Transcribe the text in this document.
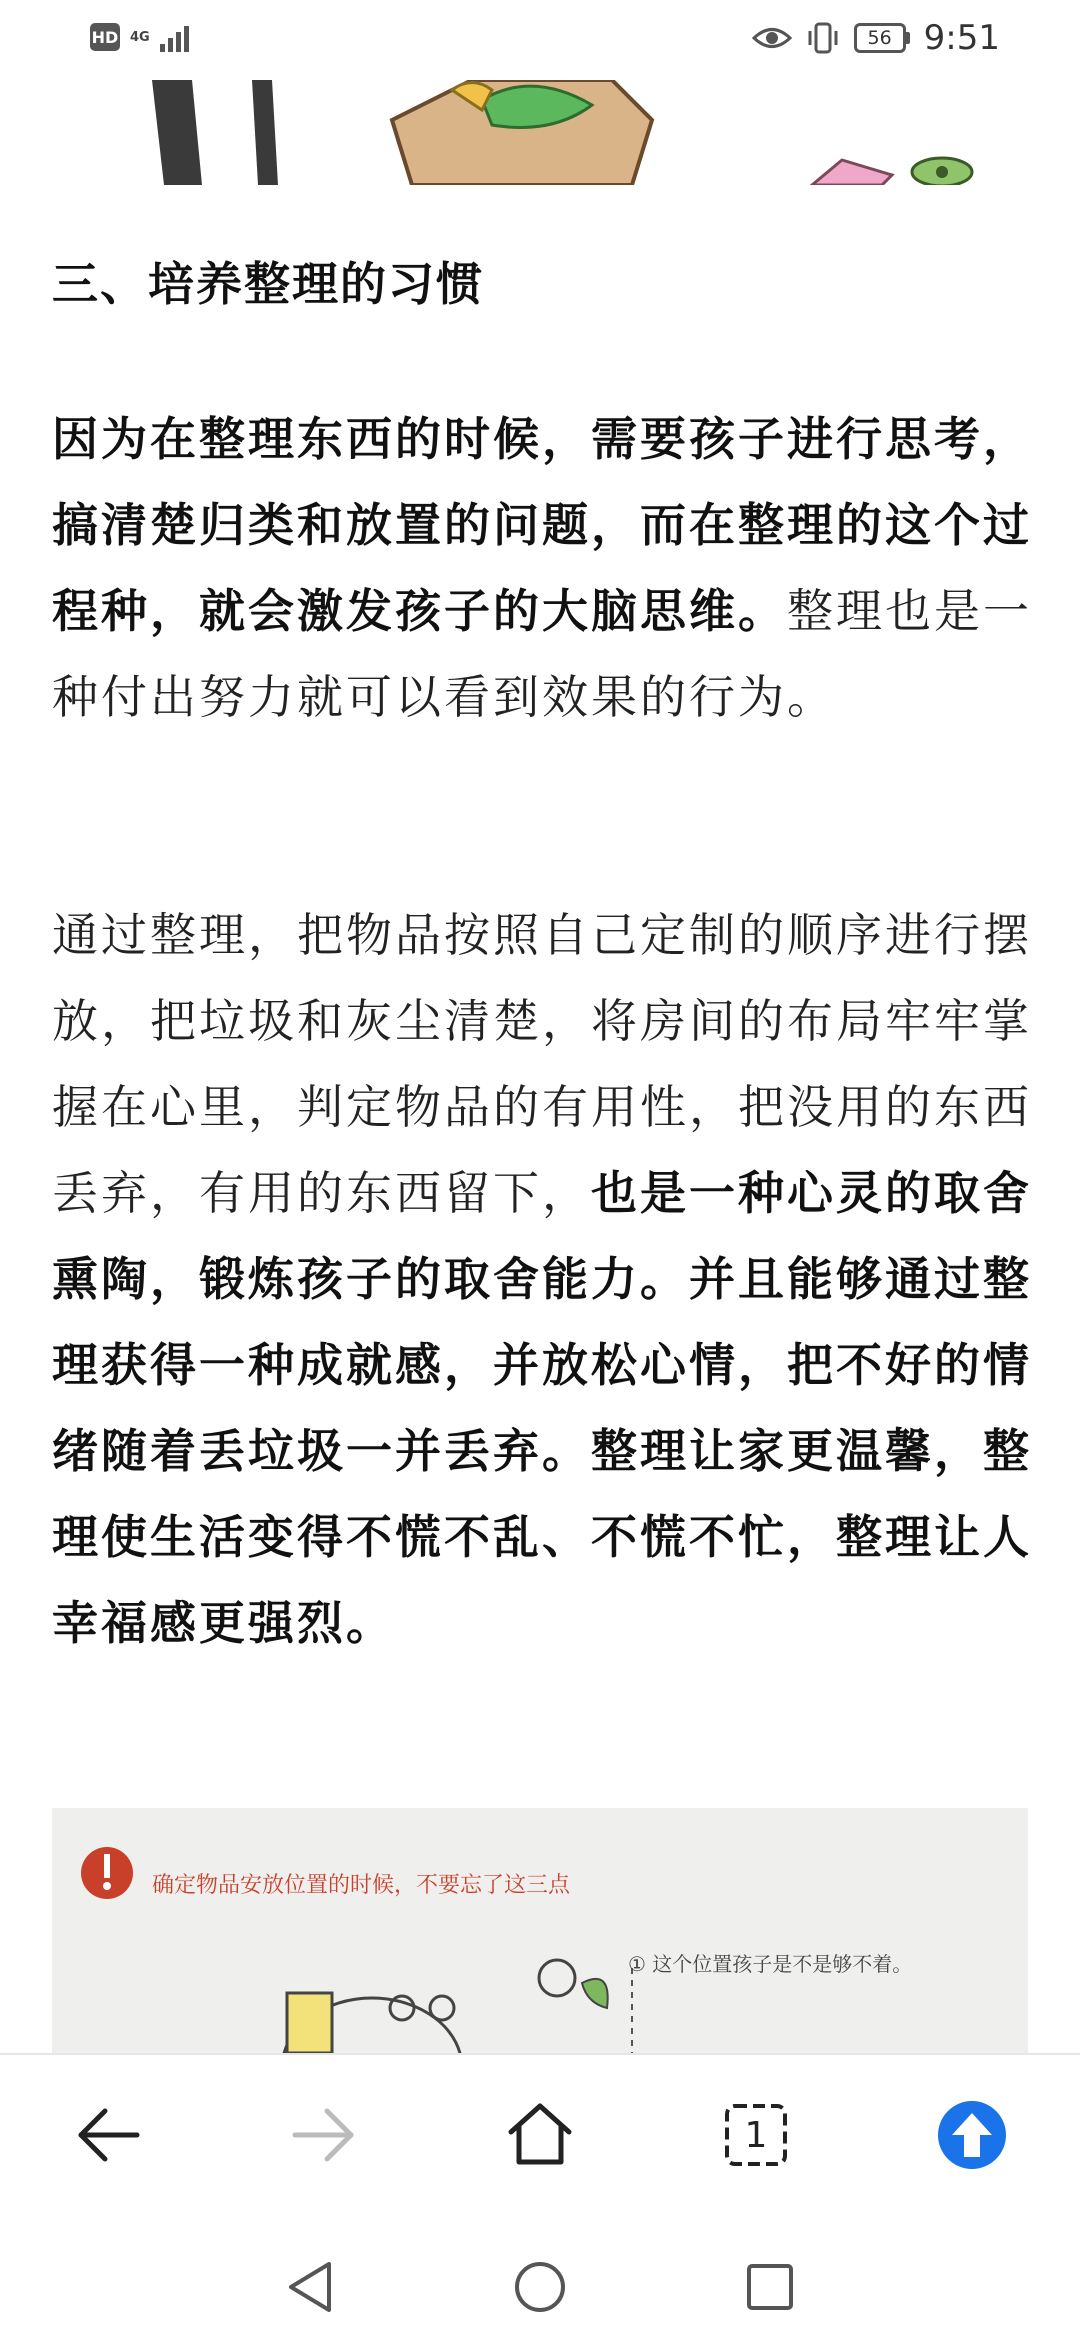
HD 4G	56 9:51
三、培养整理的习惯
因为在整理东西的时候，需要孩子进行思考，搞清楚归类和放置的问题，而在整理的这个过程种，就会激发孩子的大脑思维。整理也是一种付出努力就可以看到效果的行为。
通过整理，把物品按照自己定制的顺序进行摆放，把垃圾和灰尘清楚，将房间的布局牢牢掌握在心里，判定物品的有用性，把没用的东西丢弃，有用的东西留下，也是一种心灵的取舍熏陶，锻炼孩子的取舍能力。并且能够通过整理获得一种成就感，并放松心情，把不好的情绪随着丢垃圾一并丢弃。整理让家更温馨，整理使生活变得不慌不乱、不慌不忙，整理让人幸福感更强烈。
确定物品安放位置的时候，不要忘了这三点
① 这个位置孩子是不是够不着。
1
